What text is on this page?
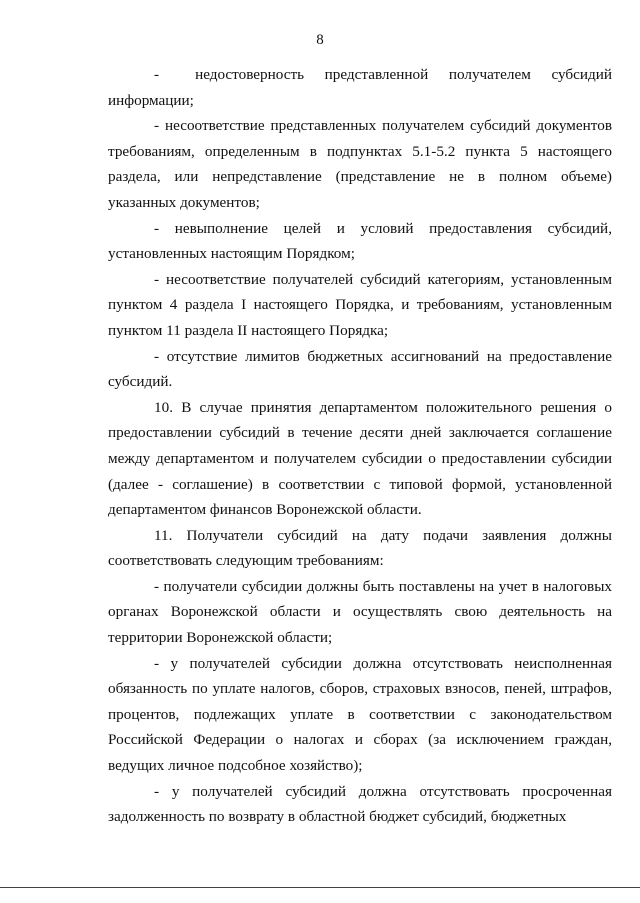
8

- недостоверность представленной получателем субсидий информации;

- несоответствие представленных получателем субсидий документов требованиям, определенным в подпунктах 5.1-5.2 пункта 5 настоящего раздела, или непредставление (представление не в полном объеме) указанных документов;

- невыполнение целей и условий предоставления субсидий, установленных настоящим Порядком;

- несоответствие получателей субсидий категориям, установленным пунктом 4 раздела I настоящего Порядка, и требованиям, установленным пунктом 11 раздела II настоящего Порядка;

- отсутствие лимитов бюджетных ассигнований на предоставление субсидий.

10. В случае принятия департаментом положительного решения о предоставлении субсидий в течение десяти дней заключается соглашение между департаментом и получателем субсидии о предоставлении субсидии (далее - соглашение) в соответствии с типовой формой, установленной департаментом финансов Воронежской области.

11. Получатели субсидий на дату подачи заявления должны соответствовать следующим требованиям:

- получатели субсидии должны быть поставлены на учет в налоговых органах Воронежской области и осуществлять свою деятельность на территории Воронежской области;

- у получателей субсидии должна отсутствовать неисполненная обязанность по уплате налогов, сборов, страховых взносов, пеней, штрафов, процентов, подлежащих уплате в соответствии с законодательством Российской Федерации о налогах и сборах (за исключением граждан, ведущих личное подсобное хозяйство);

- у получателей субсидий должна отсутствовать просроченная задолженность по возврату в областной бюджет субсидий, бюджетных
